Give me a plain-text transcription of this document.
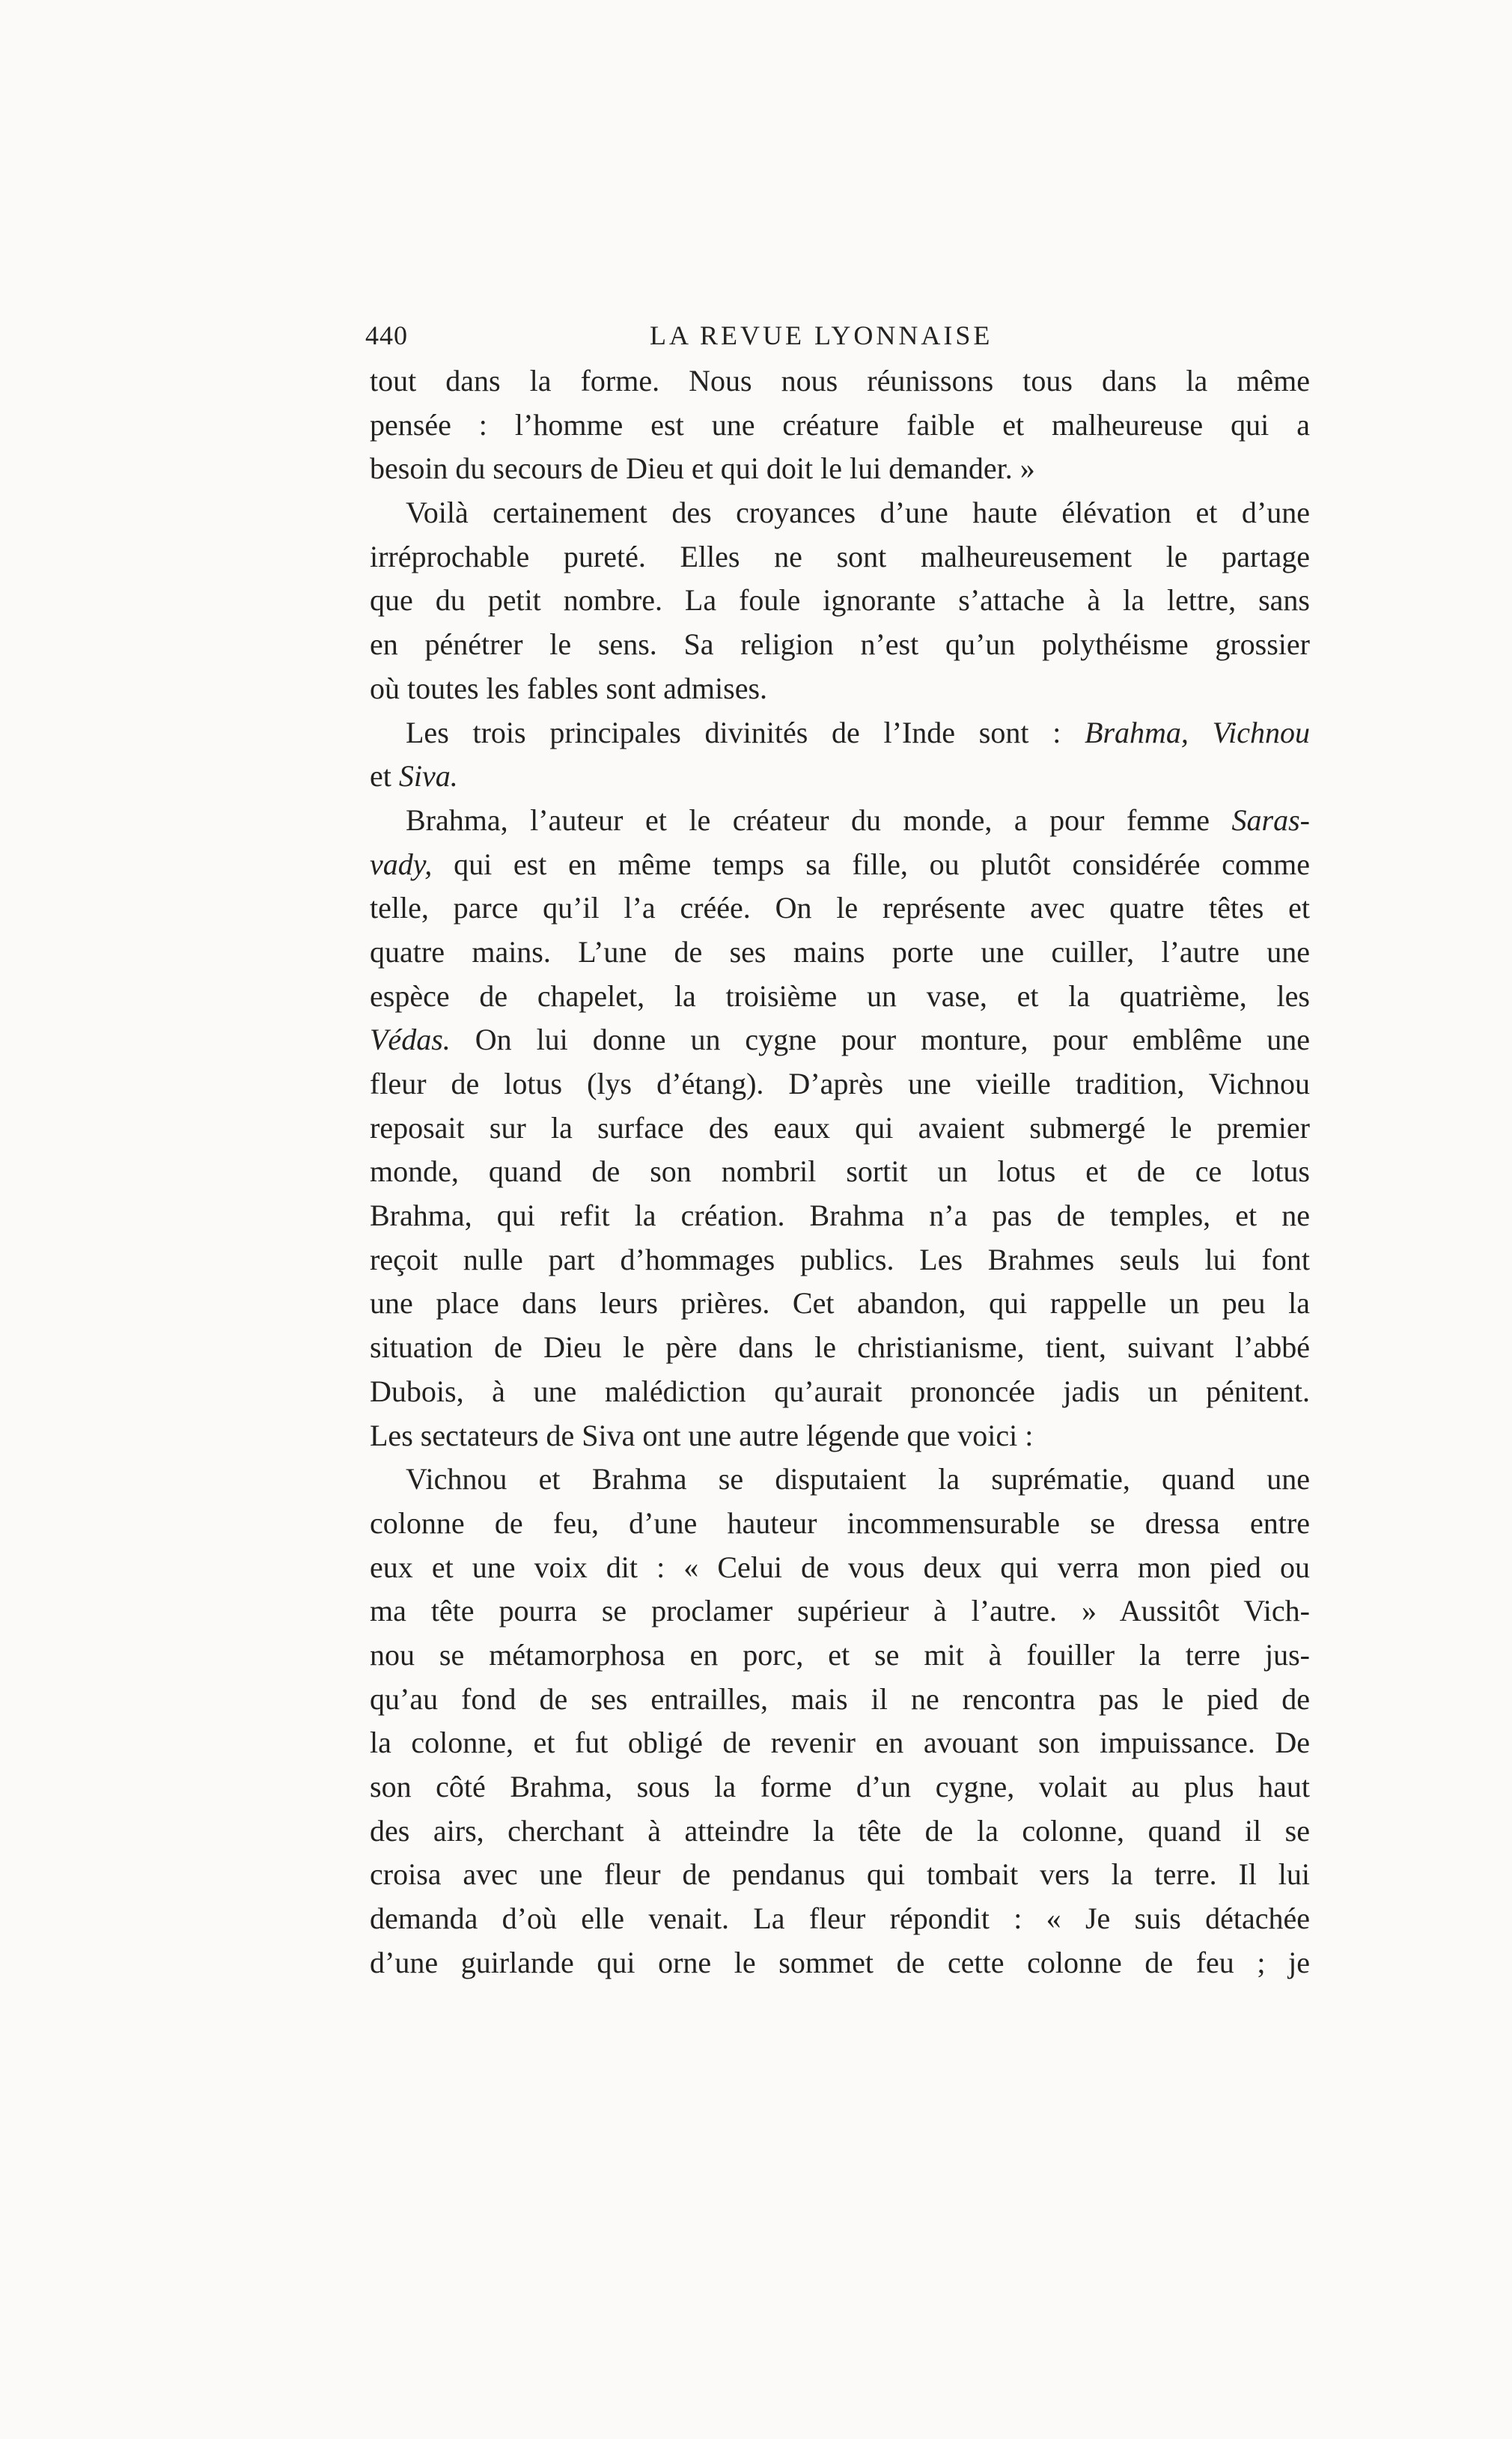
440	LA REVUE LYONNAISE
tout dans la forme. Nous nous réunissons tous dans la même
pensée : l’homme est une créature faible et malheureuse qui a
besoin du secours de Dieu et qui doit le lui demander. »
Voilà certainement des croyances d’une haute élévation et d’une
irréprochable pureté. Elles ne sont malheureusement le partage
que du petit nombre. La foule ignorante s’attache à la lettre, sans
en pénétrer le sens. Sa religion n’est qu’un polythéisme grossier
où toutes les fables sont admises.
Les trois principales divinités de l’Inde sont : Brahma, Vichnou
et Siva.
Brahma, l’auteur et le créateur du monde, a pour femme Saras-
vady, qui est en même temps sa fille, ou plutôt considérée comme
telle, parce qu’il l’a créée. On le représente avec quatre têtes et
quatre mains. L’une de ses mains porte une cuiller, l’autre une
espèce de chapelet, la troisième un vase, et la quatrième, les
Védas. On lui donne un cygne pour monture, pour emblême une
fleur de lotus (lys d’étang). D’après une vieille tradition, Vichnou
reposait sur la surface des eaux qui avaient submergé le premier
monde, quand de son nombril sortit un lotus et de ce lotus
Brahma, qui refit la création. Brahma n’a pas de temples, et ne
reçoit nulle part d’hommages publics. Les Brahmes seuls lui font
une place dans leurs prières. Cet abandon, qui rappelle un peu la
situation de Dieu le père dans le christianisme, tient, suivant l’abbé
Dubois, à une malédiction qu’aurait prononcée jadis un pénitent.
Les sectateurs de Siva ont une autre légende que voici :
Vichnou et Brahma se disputaient la suprématie, quand une
colonne de feu, d’une hauteur incommensurable se dressa entre
eux et une voix dit : « Celui de vous deux qui verra mon pied ou
ma tête pourra se proclamer supérieur à l’autre. » Aussitôt Vich-
nou se métamorphosa en porc, et se mit à fouiller la terre jus-
qu’au fond de ses entrailles, mais il ne rencontra pas le pied de
la colonne, et fut obligé de revenir en avouant son impuissance. De
son côté Brahma, sous la forme d’un cygne, volait au plus haut
des airs, cherchant à atteindre la tête de la colonne, quand il se
croisa avec une fleur de pendanus qui tombait vers la terre. Il lui
demanda d’où elle venait. La fleur répondit : « Je suis détachée
d’une guirlande qui orne le sommet de cette colonne de feu ; je
